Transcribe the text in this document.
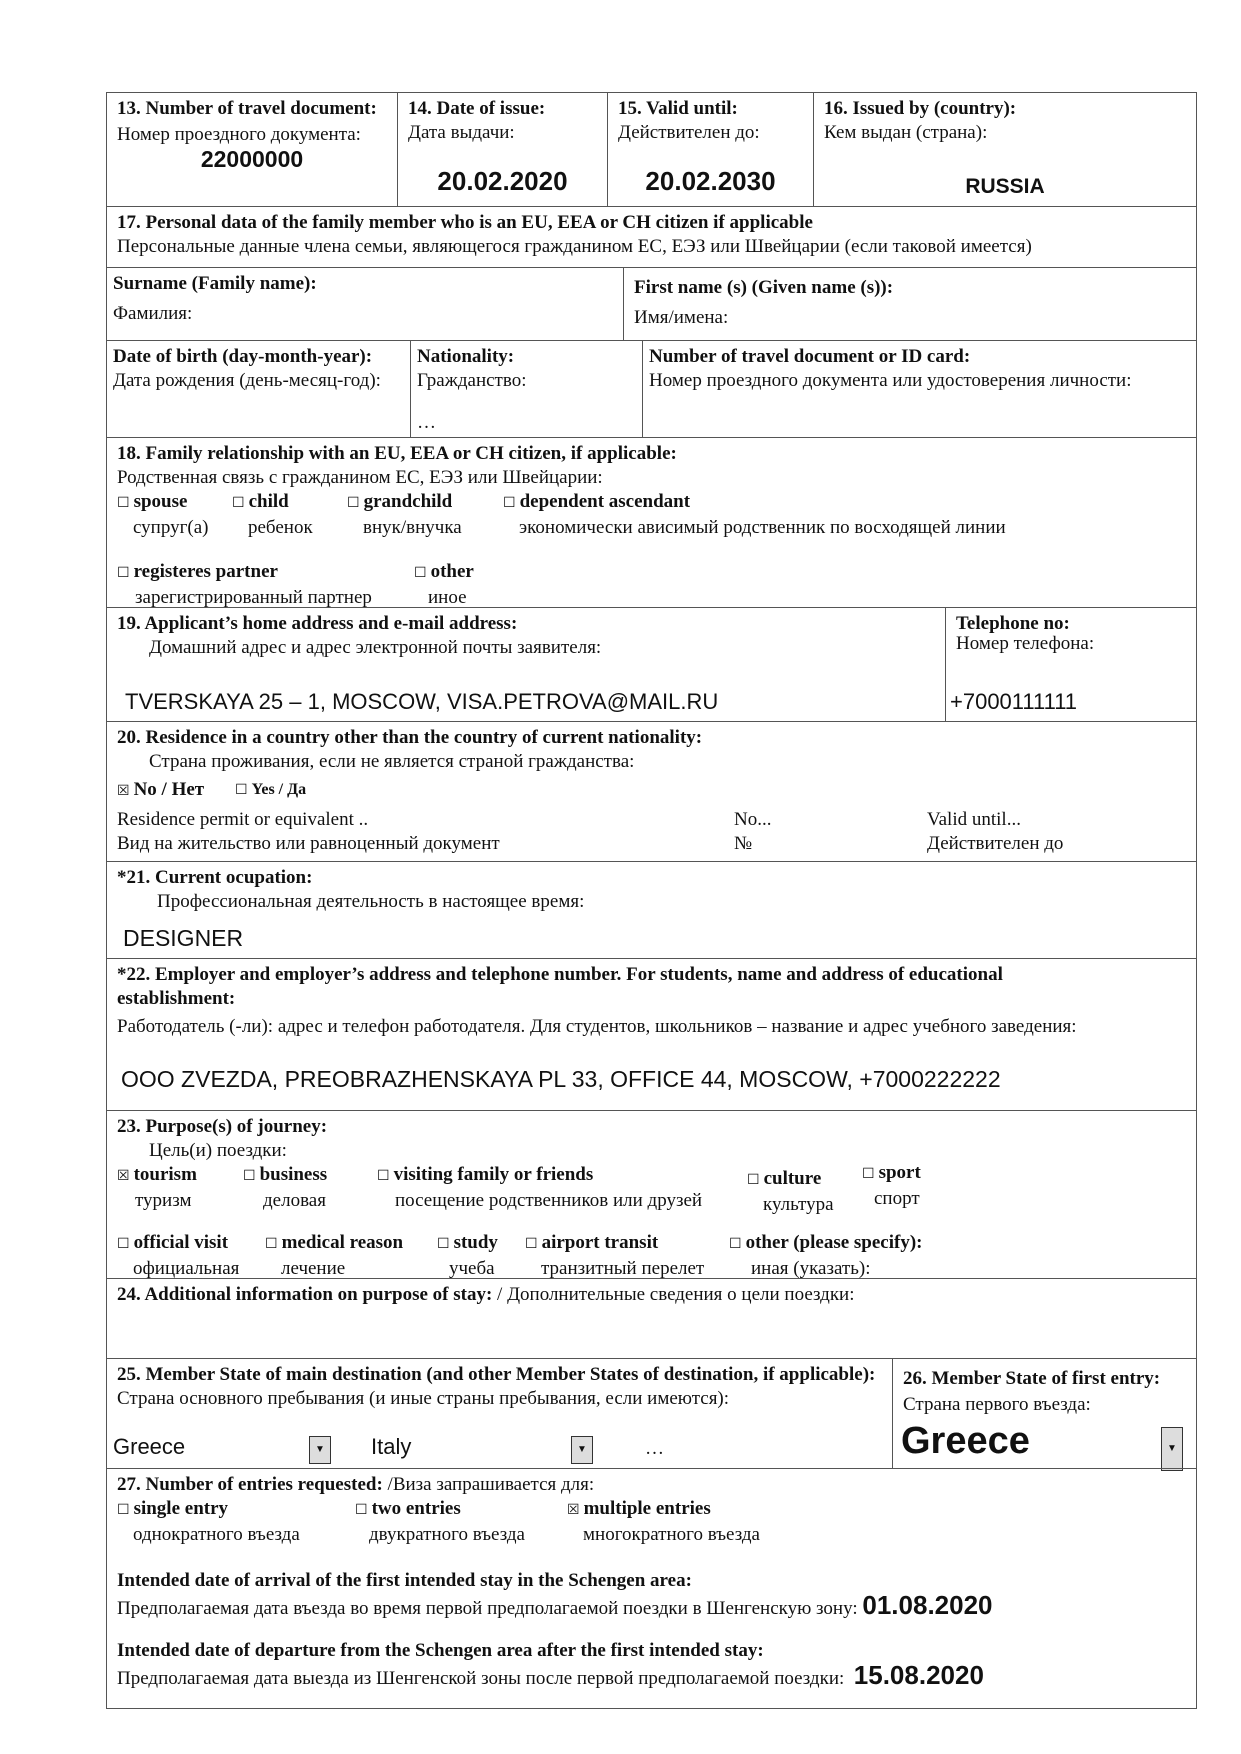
13. Number of travel document:
Номер проездного документа:
22000000
14. Date of issue:
Дата выдачи:
20.02.2020
15. Valid until:
Действителен до:
20.02.2030
16. Issued by (country):
Кем выдан (страна):
RUSSIA
17. Personal data of the family member who is an EU, EEA or CH citizen if applicable
Персональные данные члена семьи, являющегося гражданином ЕС, ЕЭЗ или Швейцарии (если таковой имеется)
Surname (Family name):
Фамилия:
First name (s) (Given name (s)):
Имя/имена:
Date of birth (day-month-year):
Дата рождения (день-месяц-год):
Nationality:
Гражданство:
…
Number of travel document or ID card:
Номер проездного документа или удостоверения личности:
18. Family relationship with an EU, EEA or CH citizen, if applicable:
Родственная связь с гражданином ЕС, ЕЭЗ или Швейцарии:
☐ spouse
супруг(а)
☐ child
ребенок
☐ grandchild
внук/внучка
☐ dependent ascendant
экономически ависимый родственник по восходящей линии
☐ registeres partner
зарегистрированный партнер
☐ other
иное
19. Applicant’s home address and e-mail address:
Домашний адрес и адрес электронной почты заявителя:
TVERSKAYA 25 – 1, MOSCOW, VISA.PETROVA@MAIL.RU
Telephone no:
Номер телефона:
+7000111111
20. Residence in a country other than the country of current nationality:
Страна проживания, если не является страной гражданства:
☒ No / Нет ☐ Yes / Да
Residence permit or equivalent ..
Вид на жительство или равноценный документ
No...
№
Valid until...
Действителен до
*21. Current ocupation:
Профессиональная деятельность в настоящее время:
DESIGNER
*22. Employer and employer’s address and telephone number. For students, name and address of educational establishment:
Работодатель (-ли): адрес и телефон работодателя. Для студентов, школьников – название и адрес учебного заведения:
OOO ZVEZDA, PREOBRAZHENSKAYA PL 33, OFFICE 44, MOSCOW, +7000222222
23. Purpose(s) of journey:
Цель(и) поездки:
☒ tourism
туризм
☐ business
деловая
☐ visiting family or friends
посещение родственников или друзей
☐ culture
культура
☐ sport
спорт
☐ official visit
официальная
☐ medical reason
лечение
☐ study
учеба
☐ airport transit
транзитный перелет
☐ other (please specify):
иная (указать):
24. Additional information on purpose of stay: / Дополнительные сведения о цели поездки:
25. Member State of main destination (and other Member States of destination, if applicable):
Страна основного пребывания (и иные страны пребывания, если имеются):
Greece	▼ Italy	▼	…
26. Member State of first entry:
Страна первого въезда:
Greece	▼
27. Number of entries requested: /Виза запрашивается для:
☐ single entry
однократного въезда
☐ two entries
двукратного въезда
☒ multiple entries
многократного въезда
Intended date of arrival of the first intended stay in the Schengen area:
Предполагаемая дата въезда во время первой предполагаемой поездки в Шенгенскую зону: 01.08.2020
Intended date of departure from the Schengen area after the first intended stay:
Предполагаемая дата выезда из Шенгенской зоны после первой предполагаемой поездки: 15.08.2020
